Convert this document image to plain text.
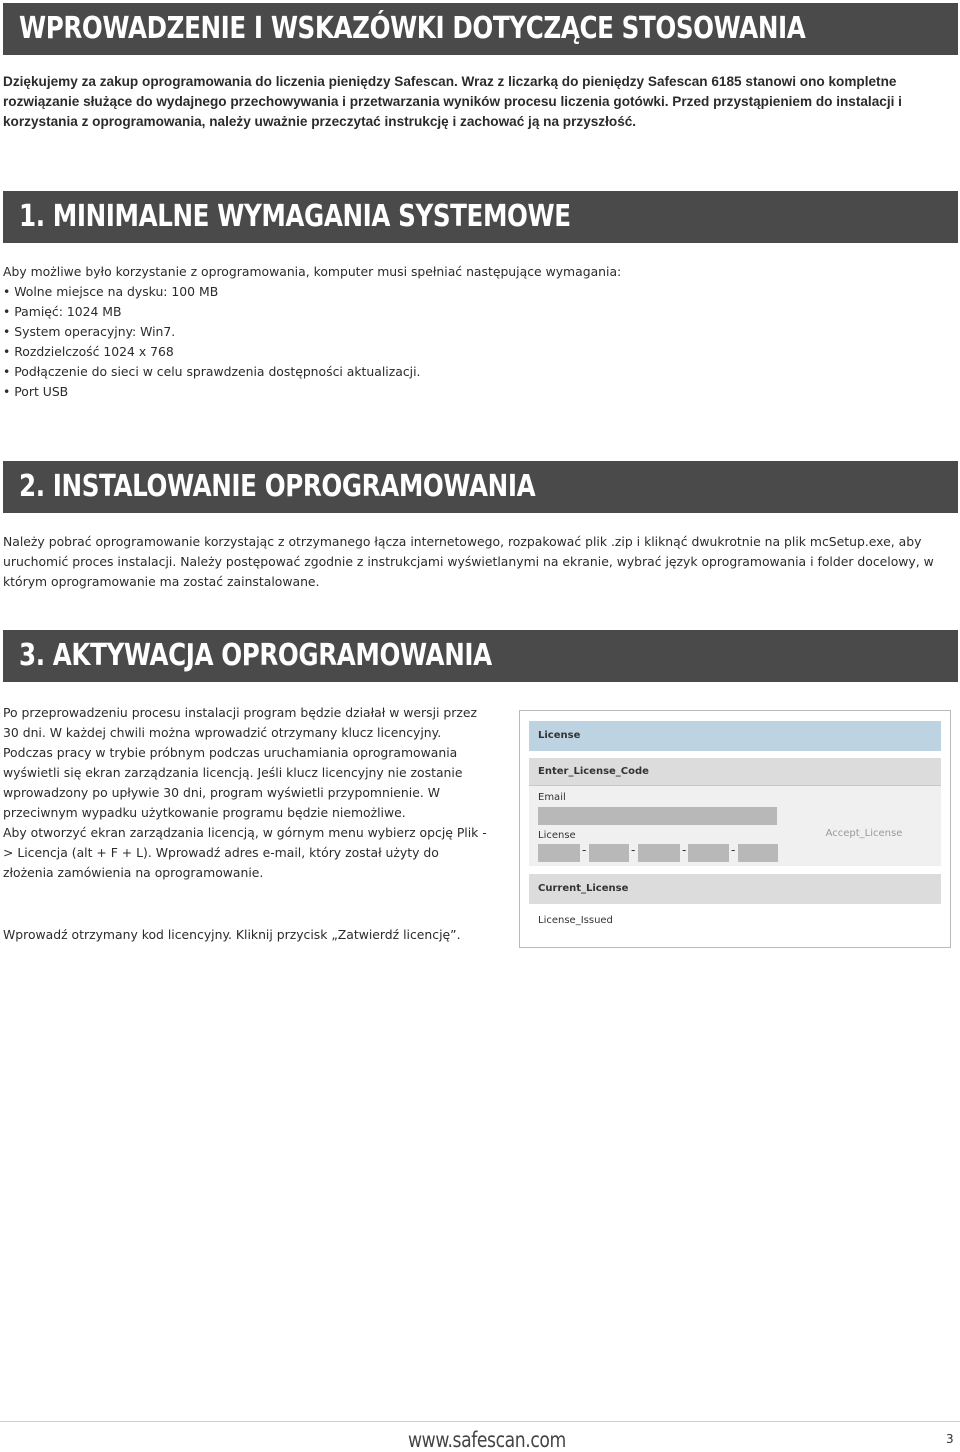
WPROWADZENIE I WSKAZÓWKI DOTYCZĄCE STOSOWANIA
Dziękujemy za zakup oprogramowania do liczenia pieniędzy Safescan. Wraz z liczarką do pieniędzy Safescan 6185 stanowi ono kompletne rozwiązanie służące do wydajnego przechowywania i przetwarzania wyników procesu liczenia gotówki. Przed przystąpieniem do instalacji i korzystania z oprogramowania, należy uważnie przeczytać instrukcję i zachować ją na przyszłość.
1. MINIMALNE WYMAGANIA SYSTEMOWE

Aby możliwe było korzystanie z oprogramowania, komputer musi spełniać następujące wymagania:

• Wolne miejsce na dysku: 100 MB
• Pamięć: 1024 MB
• System operacyjny: Win7.
• Rozdzielczość 1024 x 768
• Podłączenie do sieci w celu sprawdzenia dostępności aktualizacji.
• Port USB
2. INSTALOWANIE OPROGRAMOWANIA

Należy pobrać oprogramowanie korzystając z otrzymanego łącza internetowego, rozpakować plik .zip i kliknąć dwukrotnie na plik mcSetup.exe, aby uruchomić proces instalacji. Należy postępować zgodnie z instrukcjami wyświetlanymi na ekranie, wybrać język oprogramowania i folder docelowy, w którym oprogramowanie ma zostać zainstalowane.

3. AKTYWACJA OPROGRAMOWANIA

Po przeprowadzeniu procesu instalacji program będzie działał w wersji przez 30 dni. W każdej chwili można wprowadzić otrzymany klucz licencyjny. Podczas pracy w trybie próbnym podczas uruchamiania oprogramowania wyświetli się ekran zarządzania licencją. Jeśli klucz licencyjny nie zostanie wprowadzony po upływie 30 dni, program wyświetli przypomnienie. W przeciwnym wypadku użytkowanie programu będzie niemożliwe.

Aby otworzyć ekran zarządzania licencją, w górnym menu wybierz opcję Plik -> Licencja (alt + F + L). Wprowadź adres e-mail, który został użyty do złożenia zamówienia na oprogramowanie.

Wprowadź otrzymany kod licencyjny. Kliknij przycisk „Zatwierdź licencję”.

License
Enter_License_Code
Email
License
-	-	-	-
Accept_License
Current_License
License_Issued
www.safescan.com	3
